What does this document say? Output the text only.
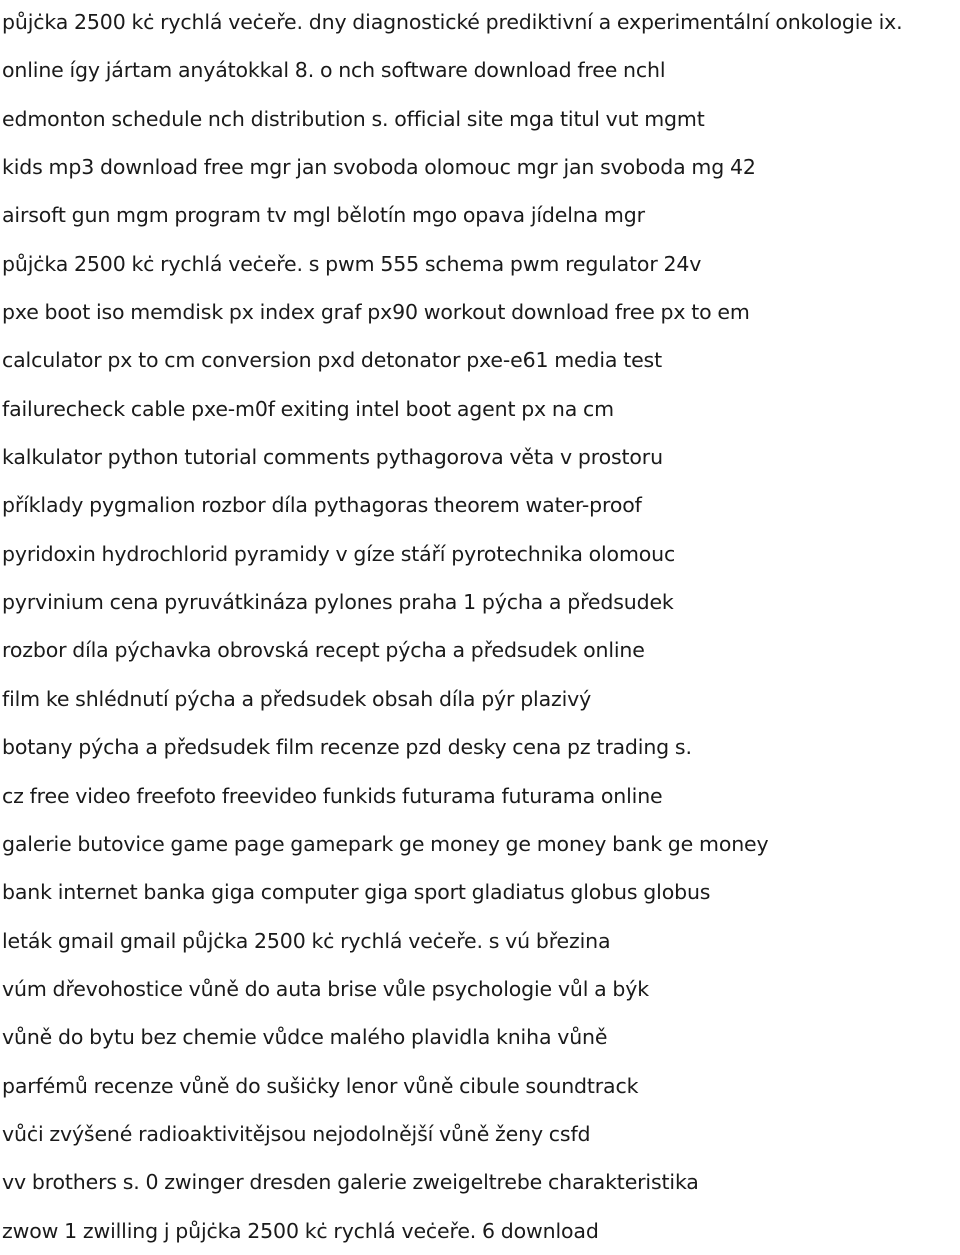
půjċka 2500 kċ rychlá veċeře. dny diagnostické prediktivní a experimentální onkologie ix.
online így jártam anyátokkal 8. o nch software download free nchl
edmonton schedule nch distribution s. official site mga titul vut mgmt
kids mp3 download free mgr jan svoboda olomouc mgr jan svoboda mg 42
airsoft gun mgm program tv mgl bělotín mgo opava jídelna mgr
půjċka 2500 kċ rychlá veċeře. s pwm 555 schema pwm regulator 24v
pxe boot iso memdisk px index graf px90 workout download free px to em
calculator px to cm conversion pxd detonator pxe-e61 media test
failurecheck cable pxe-m0f exiting intel boot agent px na cm
kalkulator python tutorial comments pythagorova věta v prostoru
příklady pygmalion rozbor díla pythagoras theorem water-proof
pyridoxin hydrochlorid pyramidy v gíze stáří pyrotechnika olomouc
pyrvinium cena pyruvátkináza pylones praha 1 pýcha a předsudek
rozbor díla pýchavka obrovská recept pýcha a předsudek online
film ke shlédnutí pýcha a předsudek obsah díla pýr plazivý
botany pýcha a předsudek film recenze pzd desky cena pz trading s.
cz free video freefoto freevideo funkids futurama futurama online
galerie butovice game page gamepark ge money ge money bank ge money
bank internet banka giga computer giga sport gladiatus globus globus
leták gmail gmail půjċka 2500 kċ rychlá veċeře. s vú březina
vúm dřevohostice vůně do auta brise vůle psychologie vůl a býk
vůně do bytu bez chemie vůdce malého plavidla kniha vůně
parfémů recenze vůně do sušiċky lenor vůně cibule soundtrack
vůċi zvýšené radioaktivitějsou nejodolnější vůně ženy csfd
vv brothers s. 0 zwinger dresden galerie zweigeltrebe charakteristika
zwow 1 zwilling j půjċka 2500 kċ rychlá veċeře. 6 download
